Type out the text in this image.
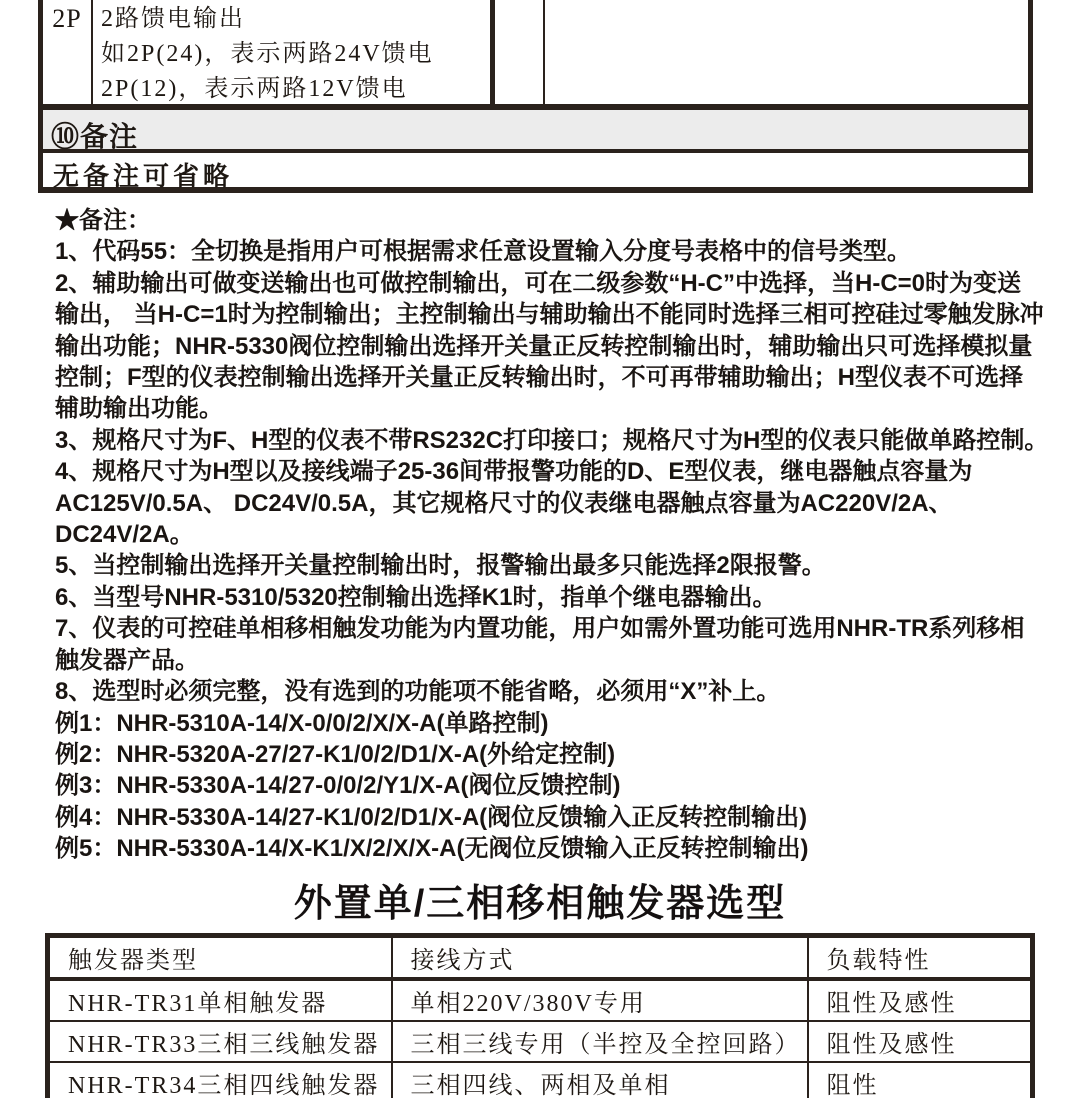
2P 2路馈电输出
如2P(24)，表示两路24V馈电
2P(12)，表示两路12V馈电
⑩备注
无备注可省略
★备注：
1、代码55：全切换是指用户可根据需求任意设置输入分度号表格中的信号类型。
2、辅助输出可做变送输出也可做控制输出，可在二级参数“H-C”中选择，当H-C=0时为变送
输出， 当H-C=1时为控制输出；主控制输出与辅助输出不能同时选择三相可控硅过零触发脉冲
输出功能；NHR-5330阀位控制输出选择开关量正反转控制输出时，辅助输出只可选择模拟量
控制；F型的仪表控制输出选择开关量正反转输出时，不可再带辅助输出；H型仪表不可选择
辅助输出功能。
3、规格尺寸为F、H型的仪表不带RS232C打印接口；规格尺寸为H型的仪表只能做单路控制。
4、规格尺寸为H型以及接线端子25-36间带报警功能的D、E型仪表，继电器触点容量为
AC125V/0.5A、 DC24V/0.5A，其它规格尺寸的仪表继电器触点容量为AC220V/2A、
DC24V/2A。
5、当控制输出选择开关量控制输出时，报警输出最多只能选择2限报警。
6、当型号NHR-5310/5320控制输出选择K1时，指单个继电器输出。
7、仪表的可控硅单相移相触发功能为内置功能，用户如需外置功能可选用NHR-TR系列移相
触发器产品。
8、选型时必须完整，没有选到的功能项不能省略，必须用“X”补上。
例1：NHR-5310A-14/X-0/0/2/X/X-A(单路控制)
例2：NHR-5320A-27/27-K1/0/2/D1/X-A(外给定控制)
例3：NHR-5330A-14/27-0/0/2/Y1/X-A(阀位反馈控制)
例4：NHR-5330A-14/27-K1/0/2/D1/X-A(阀位反馈输入正反转控制输出)
例5：NHR-5330A-14/X-K1/X/2/X/X-A(无阀位反馈输入正反转控制输出)
外置单/三相移相触发器选型
触发器类型	接线方式	负载特性
NHR-TR31单相触发器	单相220V/380V专用	阻性及感性
NHR-TR33三相三线触发器	三相三线专用（半控及全控回路）	阻性及感性
NHR-TR34三相四线触发器	三相四线、两相及单相	阻性
